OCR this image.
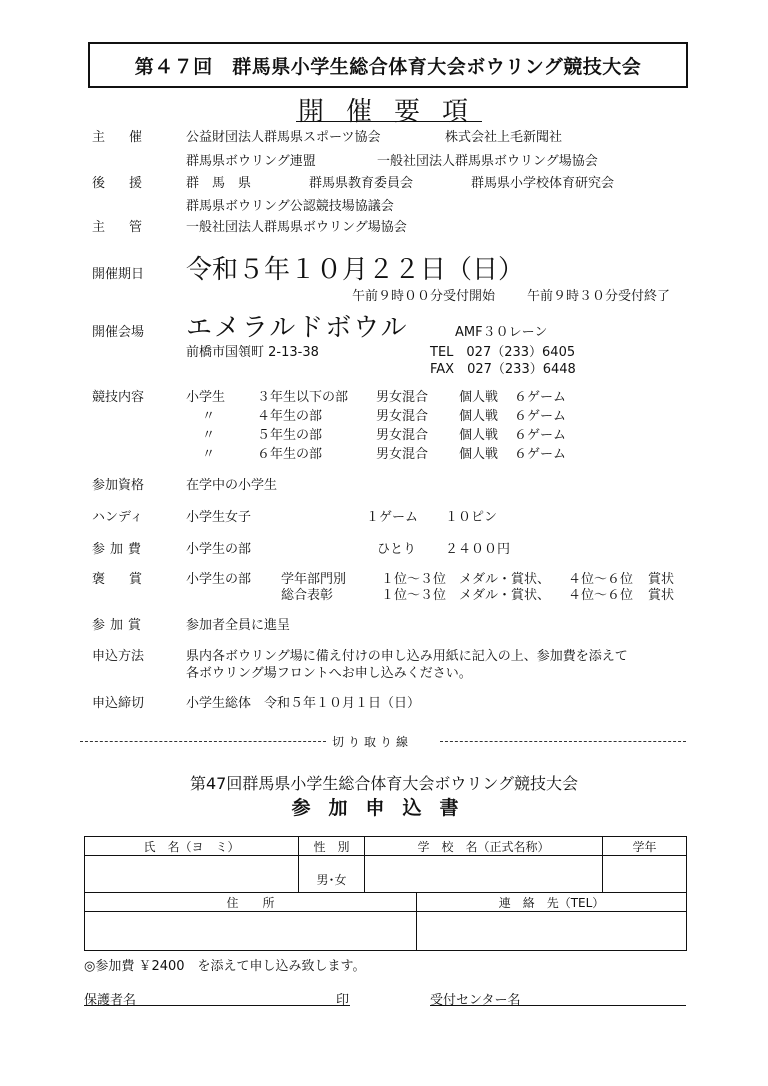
第４７回　群馬県小学生総合体育大会ボウリング競技大会
開催要項
主催 公益財団法人群馬県スポーツ協会	株式会社上毛新聞社
群馬県ボウリング連盟	一般社団法人群馬県ボウリング場協会
後援 群　馬　県	群馬県教育委員会	群馬県小学校体育研究会
群馬県ボウリング公認競技場協議会
主管 一般社団法人群馬県ボウリング場協会
開催期日 令和５年１０月２２日（日）
午前９時００分受付開始 午前９時３０分受付終了
開催会場 エメラルドボウル	AMF３０レーン
前橋市国領町 2-13-38	TEL　027（233）6405
FAX　027（233）6448
競技内容	小学生 ３年生以下の部 男女混合 個人戦 ６ゲーム
〃	４年生の部	男女混合 個人戦 ６ゲーム
〃	５年生の部	男女混合 個人戦 ６ゲーム
〃	６年生の部	男女混合 個人戦 ６ゲーム
参加資格	在学中の小学生
ハンディ	小学生女子	１ゲーム １０ピン
参加費	小学生の部	ひとり ２４００円
褒賞 小学生の部 学年部門別	１位～３位 メダル・賞状、 ４位～６位 賞状
総合表彰	１位～３位 メダル・賞状、 ４位～６位 賞状
参加賞	参加者全員に進呈
申込方法	県内各ボウリング場に備え付けの申し込み用紙に記入の上、参加費を添えて
各ボウリング場フロントへお申し込みください。
申込締切	小学生総体　令和５年１０月１日（日）
切り取り線
第47回群馬県小学生総合体育大会ボウリング競技大会
参加申込書
氏　名（ヨ　ミ）	性　別	学　校　名（正式名称）		学年
	男･女			
住　　所			連　絡　先（TEL）	

◎参加費 ￥2400　を添えて申し込み致します。
保護者名	印	受付センター名
